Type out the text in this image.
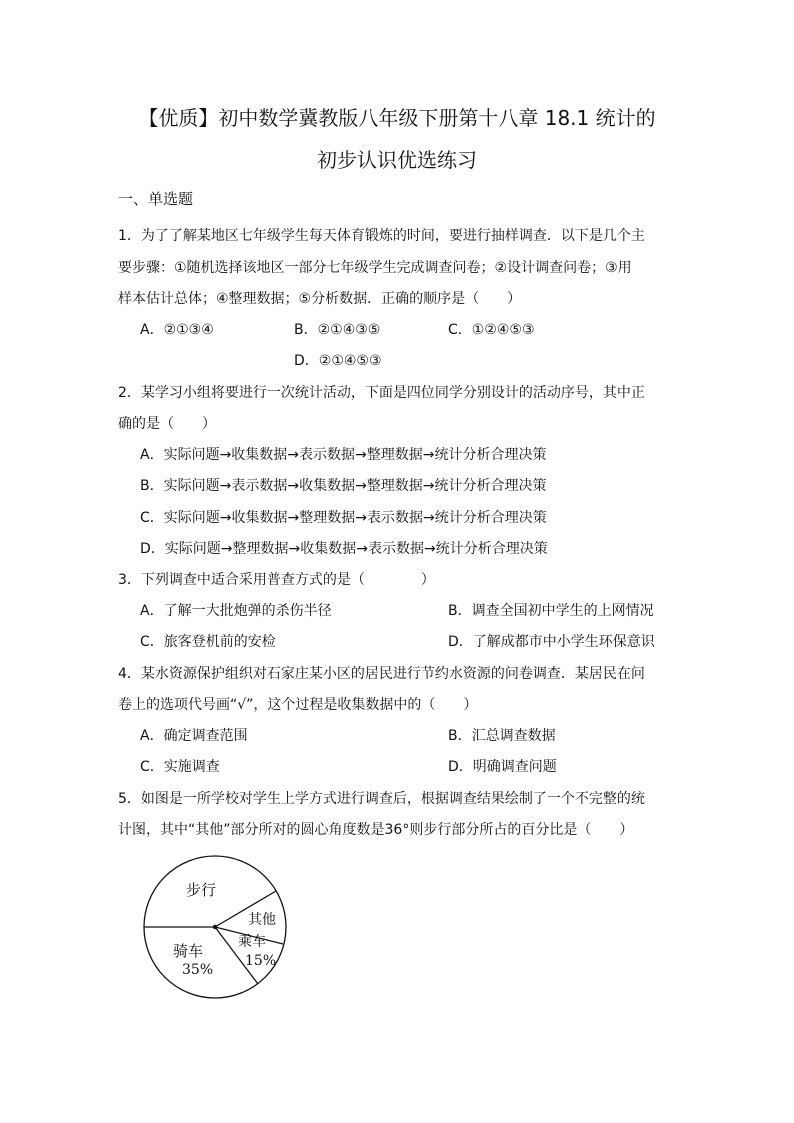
【优质】初中数学冀教版八年级下册第十八章 18.1 统计的
初步认识优选练习
一、单选题
1．为了了解某地区七年级学生每天体育锻炼的时间，要进行抽样调查．以下是几个主
要步骤：①随机选择该地区一部分七年级学生完成调查问卷；②设计调查问卷；③用
样本估计总体；④整理数据；⑤分析数据．正确的顺序是（　　）
A．②①③④	B．②①④③⑤	C．①②④⑤③
D．②①④⑤③
2．某学习小组将要进行一次统计活动，下面是四位同学分别设计的活动序号，其中正
确的是（　　）
A．实际问题→收集数据→表示数据→整理数据→统计分析合理决策
B．实际问题→表示数据→收集数据→整理数据→统计分析合理决策
C．实际问题→收集数据→整理数据→表示数据→统计分析合理决策
D．实际问题→整理数据→收集数据→表示数据→统计分析合理决策
3．下列调查中适合采用普查方式的是（　　　　）
A．了解一大批炮弹的杀伤半径	B．调查全国初中学生的上网情况
C．旅客登机前的安检	D．了解成都市中小学生环保意识
4．某水资源保护组织对石家庄某小区的居民进行节约水资源的问卷调查．某居民在问
卷上的选项代号画“√”，这个过程是收集数据中的（　　）
A．确定调查范围	B．汇总调查数据
C．实施调查	D．明确调查问题
5．如图是一所学校对学生上学方式进行调查后，根据调查结果绘制了一个不完整的统
计图，其中“其他”部分所对的圆心角度数是36°则步行部分所占的百分比是（　　）
步行
其他
乘车
15%
骑车
35%
